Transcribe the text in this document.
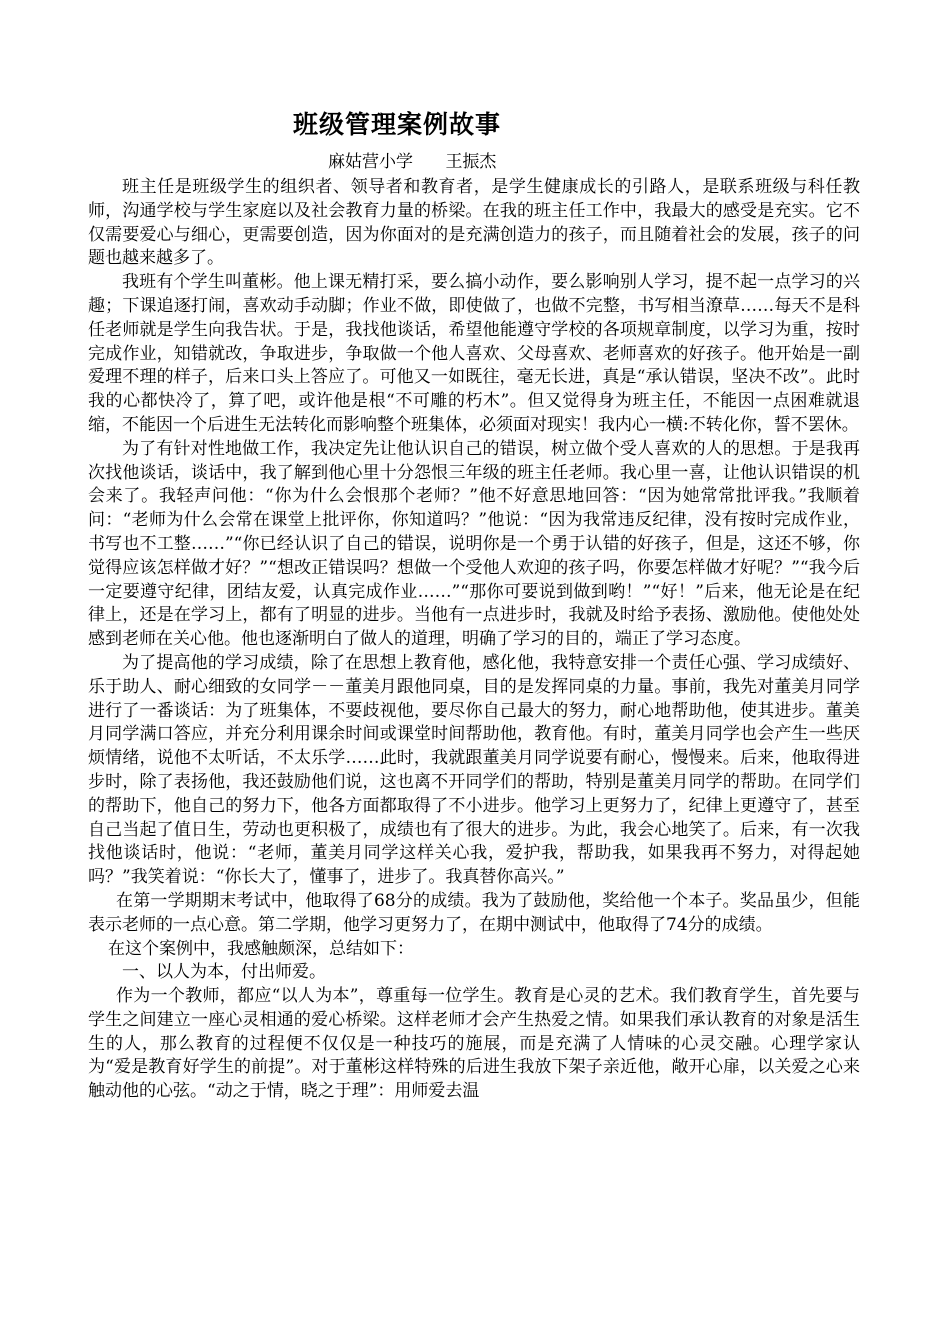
班级管理案例故事
麻姑营小学 王振杰

班主任是班级学生的组织者、领导者和教育者，是学生健康成长的引路人，是联系班级与科任教师，沟通学校与学生家庭以及社会教育力量的桥梁。在我的班主任工作中，我最大的感受是充实。它不仅需要爱心与细心，更需要创造，因为你面对的是充满创造力的孩子，而且随着社会的发展，孩子的问题也越来越多了。

我班有个学生叫董彬。他上课无精打采，要么搞小动作，要么影响别人学习，提不起一点学习的兴趣；下课追逐打闹，喜欢动手动脚；作业不做，即使做了，也做不完整，书写相当潦草……每天不是科任老师就是学生向我告状。于是，我找他谈话，希望他能遵守学校的各项规章制度，以学习为重，按时完成作业，知错就改，争取进步，争取做一个他人喜欢、父母喜欢、老师喜欢的好孩子。他开始是一副爱理不理的样子，后来口头上答应了。可他又一如既往，毫无长进，真是“承认错误，坚决不改”。此时我的心都快冷了，算了吧，或许他是根“不可雕的朽木”。但又觉得身为班主任，不能因一点困难就退缩，不能因一个后进生无法转化而影响整个班集体，必须面对现实！我内心一横:不转化你，誓不罢休。

为了有针对性地做工作，我决定先让他认识自己的错误，树立做个受人喜欢的人的思想。于是我再次找他谈话，谈话中，我了解到他心里十分怨恨三年级的班主任老师。我心里一喜，让他认识错误的机会来了。我轻声问他：“你为什么会恨那个老师？”他不好意思地回答：“因为她常常批评我。”我顺着问：“老师为什么会常在课堂上批评你，你知道吗？”他说：“因为我常违反纪律，没有按时完成作业，书写也不工整……”“你已经认识了自己的错误，说明你是一个勇于认错的好孩子，但是，这还不够，你觉得应该怎样做才好？”“想改正错误吗？想做一个受他人欢迎的孩子吗，你要怎样做才好呢？”“我今后一定要遵守纪律，团结友爱，认真完成作业……”“那你可要说到做到哟！”“好！”后来，他无论是在纪律上，还是在学习上，都有了明显的进步。当他有一点进步时，我就及时给予表扬、激励他。使他处处感到老师在关心他。他也逐渐明白了做人的道理，明确了学习的目的，端正了学习态度。

为了提高他的学习成绩，除了在思想上教育他，感化他，我特意安排一个责任心强、学习成绩好、乐于助人、耐心细致的女同学－－董美月跟他同桌，目的是发挥同桌的力量。事前，我先对董美月同学进行了一番谈话：为了班集体，不要歧视他，要尽你自己最大的努力，耐心地帮助他，使其进步。董美月同学满口答应，并充分利用课余时间或课堂时间帮助他，教育他。有时，董美月同学也会产生一些厌烦情绪，说他不太听话，不太乐学……此时，我就跟董美月同学说要有耐心，慢慢来。后来，他取得进步时，除了表扬他，我还鼓励他们说，这也离不开同学们的帮助，特别是董美月同学的帮助。在同学们的帮助下，他自己的努力下，他各方面都取得了不小进步。他学习上更努力了，纪律上更遵守了，甚至自己当起了值日生，劳动也更积极了，成绩也有了很大的进步。为此，我会心地笑了。后来，有一次我找他谈话时，他说：“老师，董美月同学这样关心我，爱护我，帮助我，如果我再不努力，对得起她吗？”我笑着说：“你长大了，懂事了，进步了。我真替你高兴。”

在第一学期期末考试中，他取得了68分的成绩。我为了鼓励他，奖给他一个本子。奖品虽少，但能表示老师的一点心意。第二学期，他学习更努力了，在期中测试中，他取得了74分的成绩。

在这个案例中，我感触颇深，总结如下：

一、以人为本，付出师爱。

作为一个教师，都应“以人为本”，尊重每一位学生。教育是心灵的艺术。我们教育学生，首先要与学生之间建立一座心灵相通的爱心桥梁。这样老师才会产生热爱之情。如果我们承认教育的对象是活生生的人，那么教育的过程便不仅仅是一种技巧的施展，而是充满了人情味的心灵交融。心理学家认为“爱是教育好学生的前提”。对于董彬这样特殊的后进生我放下架子亲近他，敞开心扉，以关爱之心来触动他的心弦。“动之于情，晓之于理”：用师爱去温
